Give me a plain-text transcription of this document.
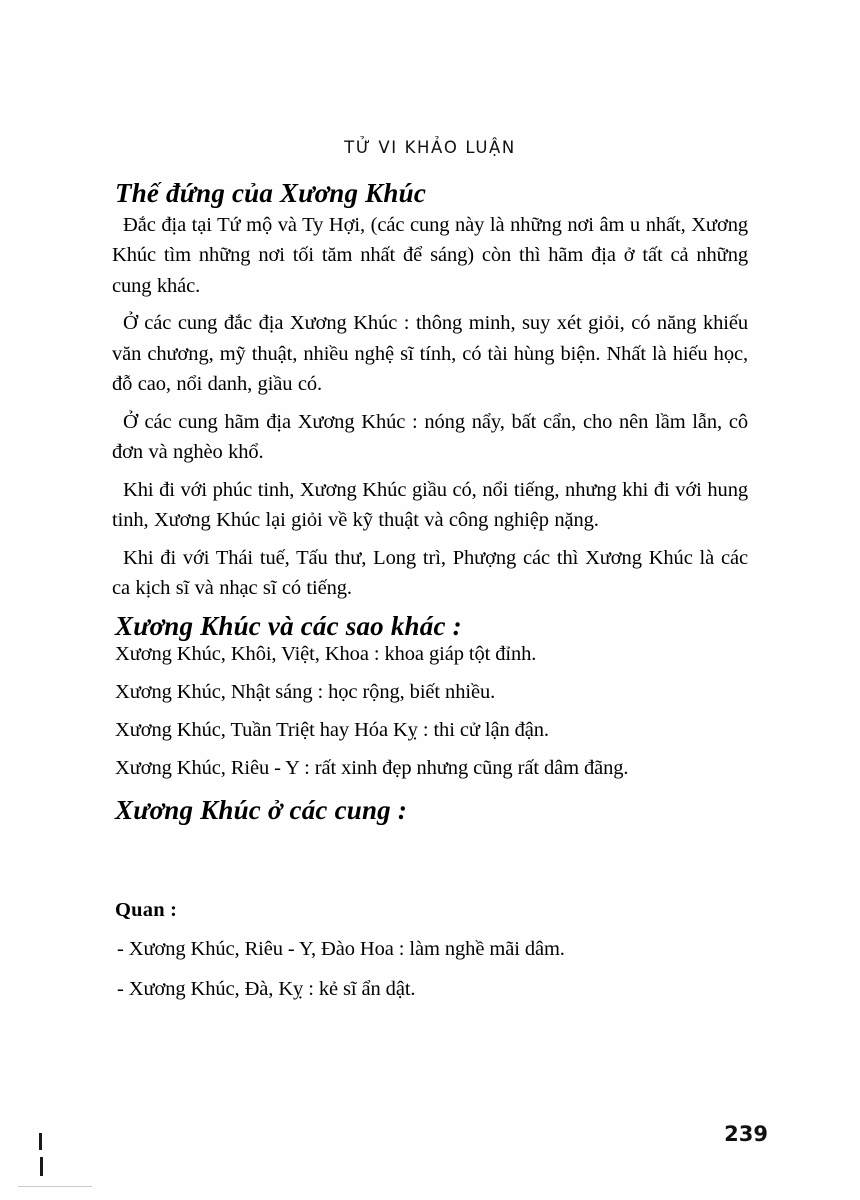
TỬ VI KHẢO LUẬN
Thế đứng của Xương Khúc

Đắc địa tại Tứ mộ và Ty Hợi, (các cung này là những nơi âm u nhất, Xương Khúc tìm những nơi tối tăm nhất để sáng) còn thì hãm địa ở tất cả những cung khác.

Ở các cung đắc địa Xương Khúc : thông minh, suy xét giỏi, có năng khiếu văn chương, mỹ thuật, nhiều nghệ sĩ tính, có tài hùng biện. Nhất là hiếu học, đỗ cao, nổi danh, giầu có.

Ở các cung hãm địa Xương Khúc : nóng nẩy, bất cẩn, cho nên lầm lẫn, cô đơn và nghèo khổ.

Khi đi với phúc tinh, Xương Khúc giầu có, nổi tiếng, nhưng khi đi với hung tinh, Xương Khúc lại giỏi về kỹ thuật và công nghiệp nặng.

Khi đi với Thái tuế, Tấu thư, Long trì, Phượng các thì Xương Khúc là các ca kịch sĩ và nhạc sĩ có tiếng.

Xương Khúc và các sao khác :
Xương Khúc, Khôi, Việt, Khoa : khoa giáp tột đỉnh.
Xương Khúc, Nhật sáng : học rộng, biết nhiều.
Xương Khúc, Tuần Triệt hay Hóa Kỵ : thi cử lận đận.
Xương Khúc, Riêu - Y : rất xinh đẹp nhưng cũng rất dâm đãng.
Xương Khúc ở các cung :
Quan :
- Xương Khúc, Riêu - Y, Đào Hoa : làm nghề mãi dâm.
- Xương Khúc, Đà, Kỵ : kẻ sĩ ẩn dật.
239
